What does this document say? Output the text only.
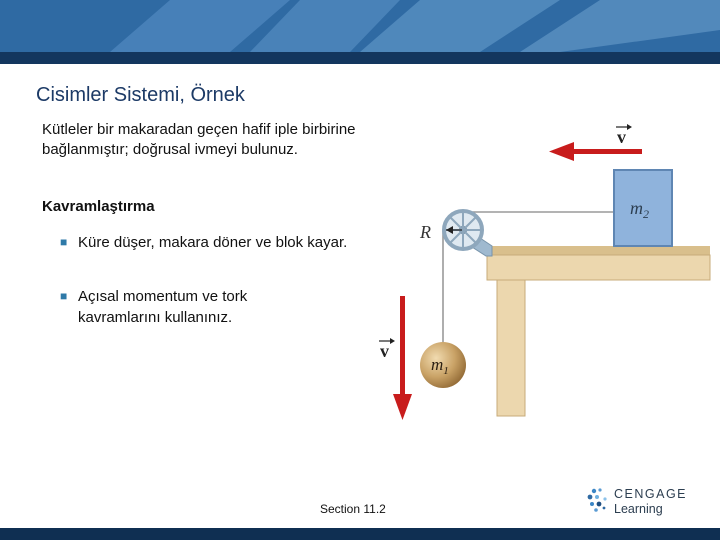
Cisimler Sistemi, Örnek
Kütleler bir makaradan geçen hafif iple birbirine bağlanmıştır; doğrusal ivmeyi bulunuz.
Kavramlaştırma
■ Küre düşer, makara döner ve blok kayar.
■ Açısal momentum ve tork kavramlarını kullanınız.
R
$m_2$
$m_1$
v
v
Section 11.2
CENGAGE
Learning
